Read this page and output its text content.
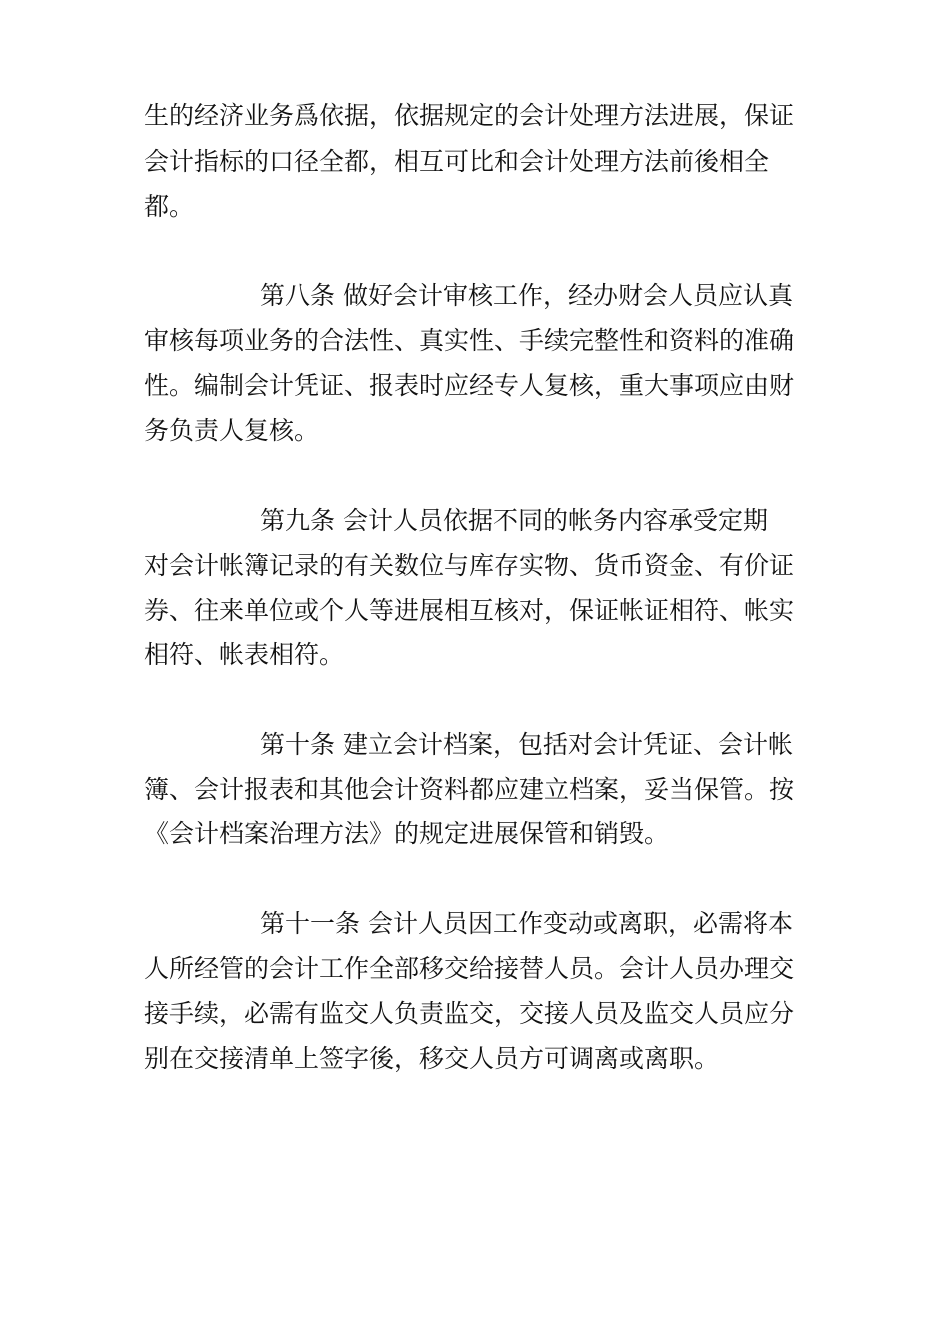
生的经济业务爲依据，依据规定的会计处理方法进展，保证

会计指标的口径全都，相互可比和会计处理方法前後相全

都。

第八条 做好会计审核工作，经办财会人员应认真

审核每项业务的合法性、真实性、手续完整性和资料的准确

性。编制会计凭证、报表时应经专人复核，重大事项应由财

务负责人复核。

第九条 会计人员依据不同的帐务内容承受定期

对会计帐簿记录的有关数位与库存实物、货币资金、有价证

券、往来单位或个人等进展相互核对，保证帐证相符、帐实

相符、帐表相符。

第十条 建立会计档案，包括对会计凭证、会计帐

簿、会计报表和其他会计资料都应建立档案，妥当保管。按

《会计档案治理方法》的规定进展保管和销毁。

第十一条 会计人员因工作变动或离职，必需将本

人所经管的会计工作全部移交给接替人员。会计人员办理交

接手续，必需有监交人负责监交，交接人员及监交人员应分

别在交接清单上签字後，移交人员方可调离或离职。
